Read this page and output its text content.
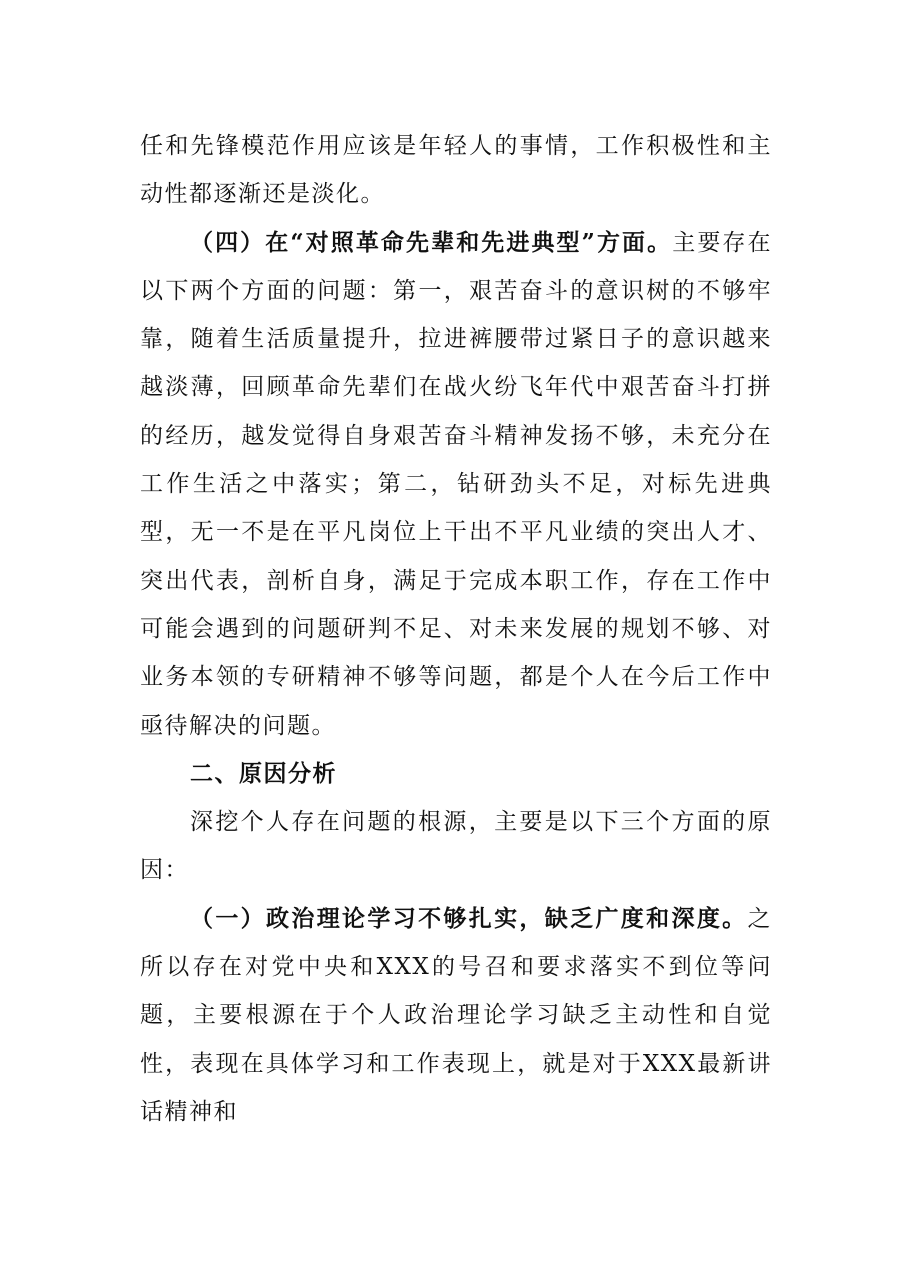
任和先锋模范作用应该是年轻人的事情，工作积极性和主动性都逐渐还是淡化。

（四）在“对照革命先辈和先进典型”方面。主要存在以下两个方面的问题：第一，艰苦奋斗的意识树的不够牢靠，随着生活质量提升，拉进裤腰带过紧日子的意识越来越淡薄，回顾革命先辈们在战火纷飞年代中艰苦奋斗打拼的经历，越发觉得自身艰苦奋斗精神发扬不够，未充分在工作生活之中落实；第二，钻研劲头不足，对标先进典型，无一不是在平凡岗位上干出不平凡业绩的突出人才、突出代表，剖析自身，满足于完成本职工作，存在工作中可能会遇到的问题研判不足、对未来发展的规划不够、对业务本领的专研精神不够等问题，都是个人在今后工作中亟待解决的问题。

二、原因分析

深挖个人存在问题的根源，主要是以下三个方面的原因：

（一）政治理论学习不够扎实，缺乏广度和深度。之所以存在对党中央和XXX的号召和要求落实不到位等问题，主要根源在于个人政治理论学习缺乏主动性和自觉性，表现在具体学习和工作表现上，就是对于XXX最新讲话精神和
